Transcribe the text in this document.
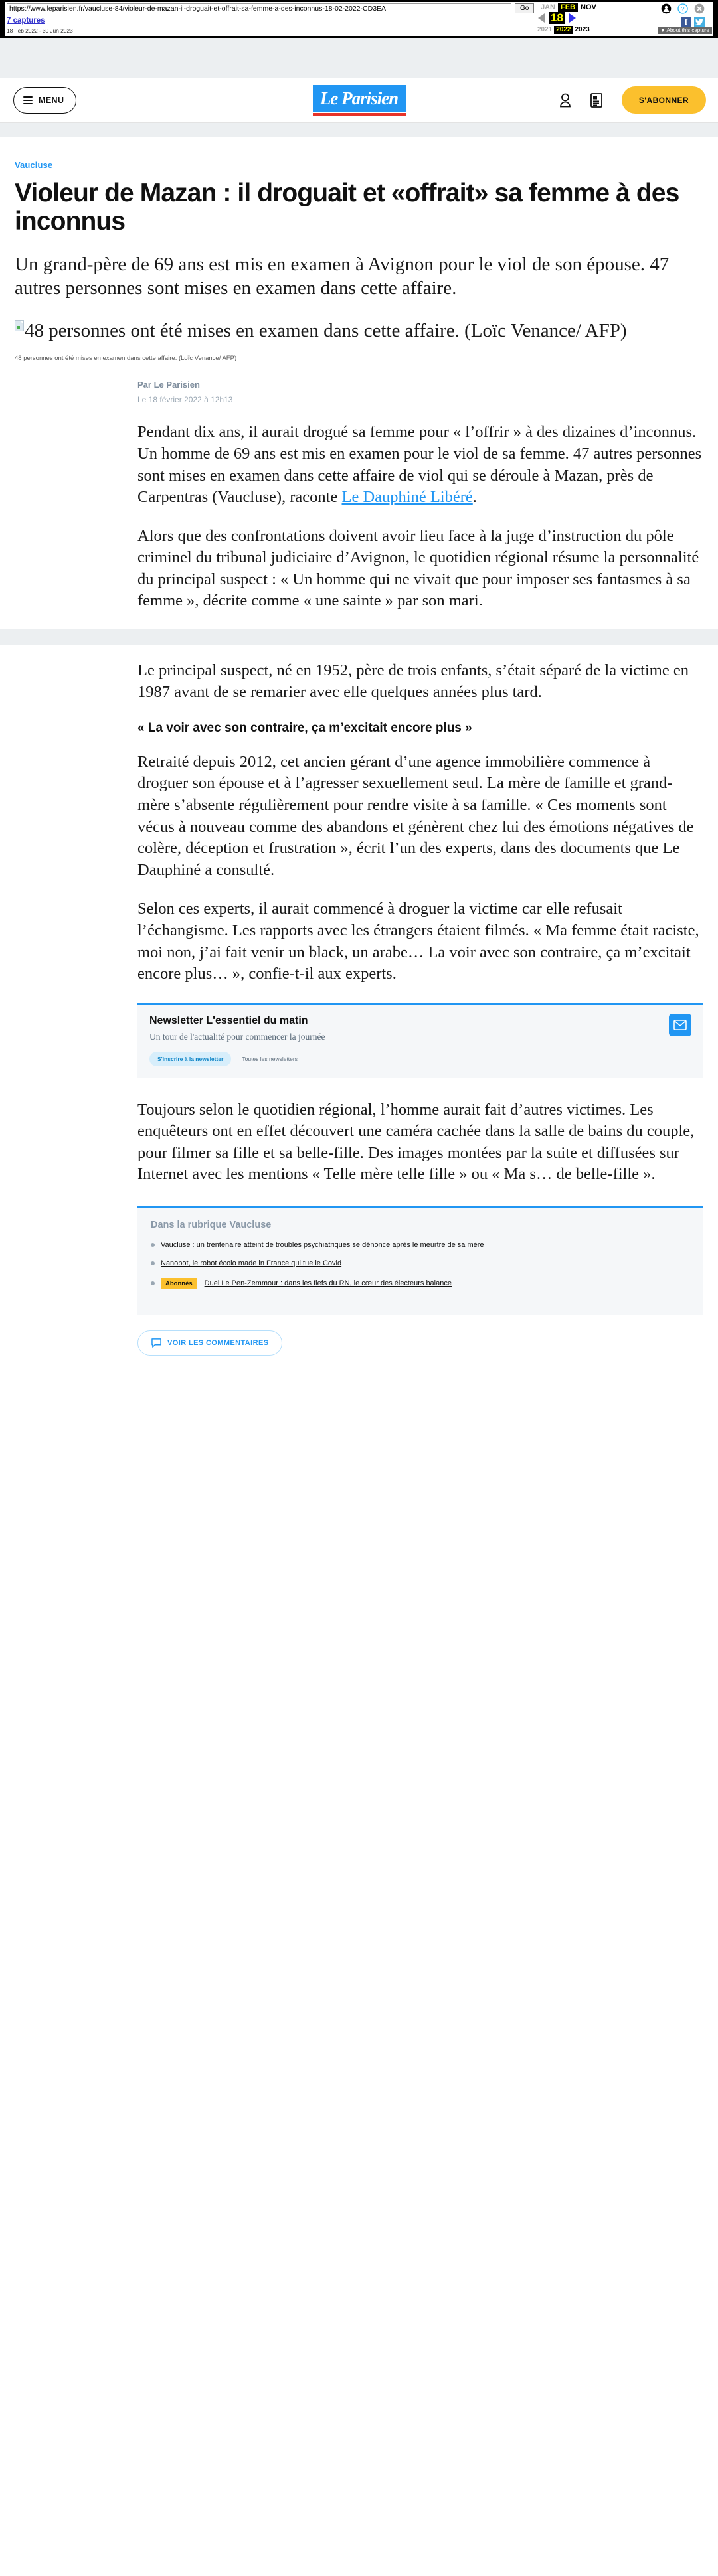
https://www.leparisien.fr/vaucluse-84/violeur-de-mazan-il-droguait-et-offrait-sa-femme-a-des-inconnus-18-02-2022-CD3EA
Go
7 captures
18 Feb 2022 - 30 Jun 2023
JAN FEB NOV
18
2021 2022 2023	▼ About this capture
?
f
MENU	Le Parisien	S'ABONNER
Vaucluse
Violeur de Mazan : il droguait et «offrait» sa femme à des inconnus
Un grand-père de 69 ans est mis en examen à Avignon pour le viol de son épouse. 47 autres personnes sont mises en examen dans cette affaire.
48 personnes ont été mises en examen dans cette affaire. (Loïc Venance/ AFP)
48 personnes ont été mises en examen dans cette affaire. (Loïc Venance/ AFP)
Par Le Parisien
Le 18 février 2022 à 12h13

Pendant dix ans, il aurait drogué sa femme pour « l’offrir » à des dizaines d’inconnus. Un homme de 69 ans est mis en examen pour le viol de sa femme. 47 autres personnes sont mises en examen dans cette affaire de viol qui se déroule à Mazan, près de Carpentras (Vaucluse), raconte Le Dauphiné Libéré.

Alors que des confrontations doivent avoir lieu face à la juge d’instruction du pôle criminel du tribunal judiciaire d’Avignon, le quotidien régional résume la personnalité du principal suspect : « Un homme qui ne vivait que pour imposer ses fantasmes à sa femme », décrite comme « une sainte » par son mari.

Le principal suspect, né en 1952, père de trois enfants, s’était séparé de la victime en 1987 avant de se remarier avec elle quelques années plus tard.

« La voir avec son contraire, ça m’excitait encore plus »

Retraité depuis 2012, cet ancien gérant d’une agence immobilière commence à droguer son épouse et à l’agresser sexuellement seul. La mère de famille et grand-mère s’absente régulièrement pour rendre visite à sa famille. « Ces moments sont vécus à nouveau comme des abandons et génèrent chez lui des émotions négatives de colère, déception et frustration », écrit l’un des experts, dans des documents que Le Dauphiné a consulté.

Selon ces experts, il aurait commencé à droguer la victime car elle refusait l’échangisme. Les rapports avec les étrangers étaient filmés. « Ma femme était raciste, moi non, j’ai fait venir un black, un arabe… La voir avec son contraire, ça m’excitait encore plus… », confie-t-il aux experts.

Newsletter L'essentiel du matin
Un tour de l'actualité pour commencer la journée
S'inscrire à la newsletter	Toutes les newsletters

Toujours selon le quotidien régional, l’homme aurait fait d’autres victimes. Les enquêteurs ont en effet découvert une caméra cachée dans la salle de bains du couple, pour filmer sa fille et sa belle-fille. Des images montées par la suite et diffusées sur Internet avec les mentions « Telle mère telle fille » ou « Ma s… de belle-fille ».

Dans la rubrique Vaucluse
Vaucluse : un trentenaire atteint de troubles psychiatriques se dénonce après le meurtre de sa mère
Nanobot, le robot écolo made in France qui tue le Covid
Abonnés	Duel Le Pen-Zemmour : dans les fiefs du RN, le cœur des électeurs balance
VOIR LES COMMENTAIRES
